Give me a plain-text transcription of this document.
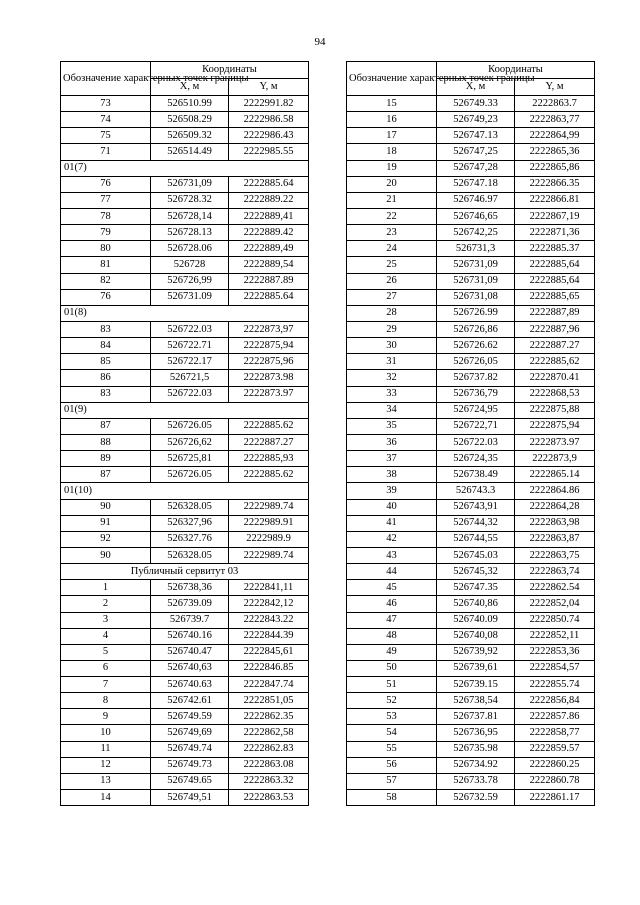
94
Обозначение характерных точек границы	Координаты	
	X, м	Y, м
73	526510.99	2222991.82
74	526508.29	2222986.58
75	526509.32	2222986.43
71	526514.49	2222985.55
01(7)		
76	526731,09	2222885.64
77	526728.32	2222889.22
78	526728,14	2222889,41
79	526728.13	2222889.42
80	526728.06	2222889,49
81	526728	2222889,54
82	526726,99	2222887.89
76	526731.09	2222885.64
01(8)		
83	526722.03	2222873,97
84	526722.71	2222875,94
85	526722.17	2222875,96
86	526721,5	2222873.98
83	526722.03	2222873.97
01(9)		
87	526726.05	2222885.62
88	526726,62	2222887.27
89	526725,81	2222885,93
87	526726.05	2222885.62
01(10)		
90	526328.05	2222989.74
91	526327,96	2222989.91
92	526327.76	2222989.9
90	526328.05	2222989.74
Публичный сервитут 03		
1	526738,36	2222841,11
2	526739.09	2222842,12
3	526739.7	2222843.22
4	526740.16	2222844.39
5	526740.47	2222845,61
6	526740,63	2222846.85
7	526740.63	2222847.74
8	526742.61	2222851,05
9	526749.59	2222862.35
10	526749,69	2222862,58
11	526749.74	2222862.83
12	526749.73	2222863.08
13	526749.65	2222863.32
14	526749,51	2222863.53
Обозначение характерных точек границы	Координаты	
	X, м	Y, м
15	526749.33	2222863.7
16	526749,23	2222863,77
17	526747.13	2222864,99
18	526747,25	2222865,36
19	526747,28	2222865,86
20	526747.18	2222866.35
21	526746.97	2222866.81
22	526746,65	2222867,19
23	526742,25	2222871,36
24	526731,3	2222885.37
25	526731,09	2222885,64
26	526731,09	2222885,64
27	526731,08	2222885,65
28	526726.99	2222887,89
29	526726,86	2222887,96
30	526726.62	2222887.27
31	526726,05	2222885,62
32	526737.82	2222870.41
33	526736,79	2222868,53
34	526724,95	2222875,88
35	526722,71	2222875,94
36	526722.03	2222873.97
37	526724,35	2222873,9
38	526738.49	2222865.14
39	526743.3	2222864.86
40	526743,91	2222864,28
41	526744,32	2222863,98
42	526744,55	2222863,87
43	526745.03	2222863,75
44	526745,32	2222863,74
45	526747.35	2222862.54
46	526740,86	2222852,04
47	526740.09	2222850.74
48	526740,08	2222852,11
49	526739,92	2222853,36
50	526739,61	2222854,57
51	526739.15	2222855.74
52	526738,54	2222856,84
53	526737.81	2222857.86
54	526736,95	2222858,77
55	526735.98	2222859.57
56	526734.92	2222860.25
57	526733.78	2222860.78
58	526732.59	2222861.17
